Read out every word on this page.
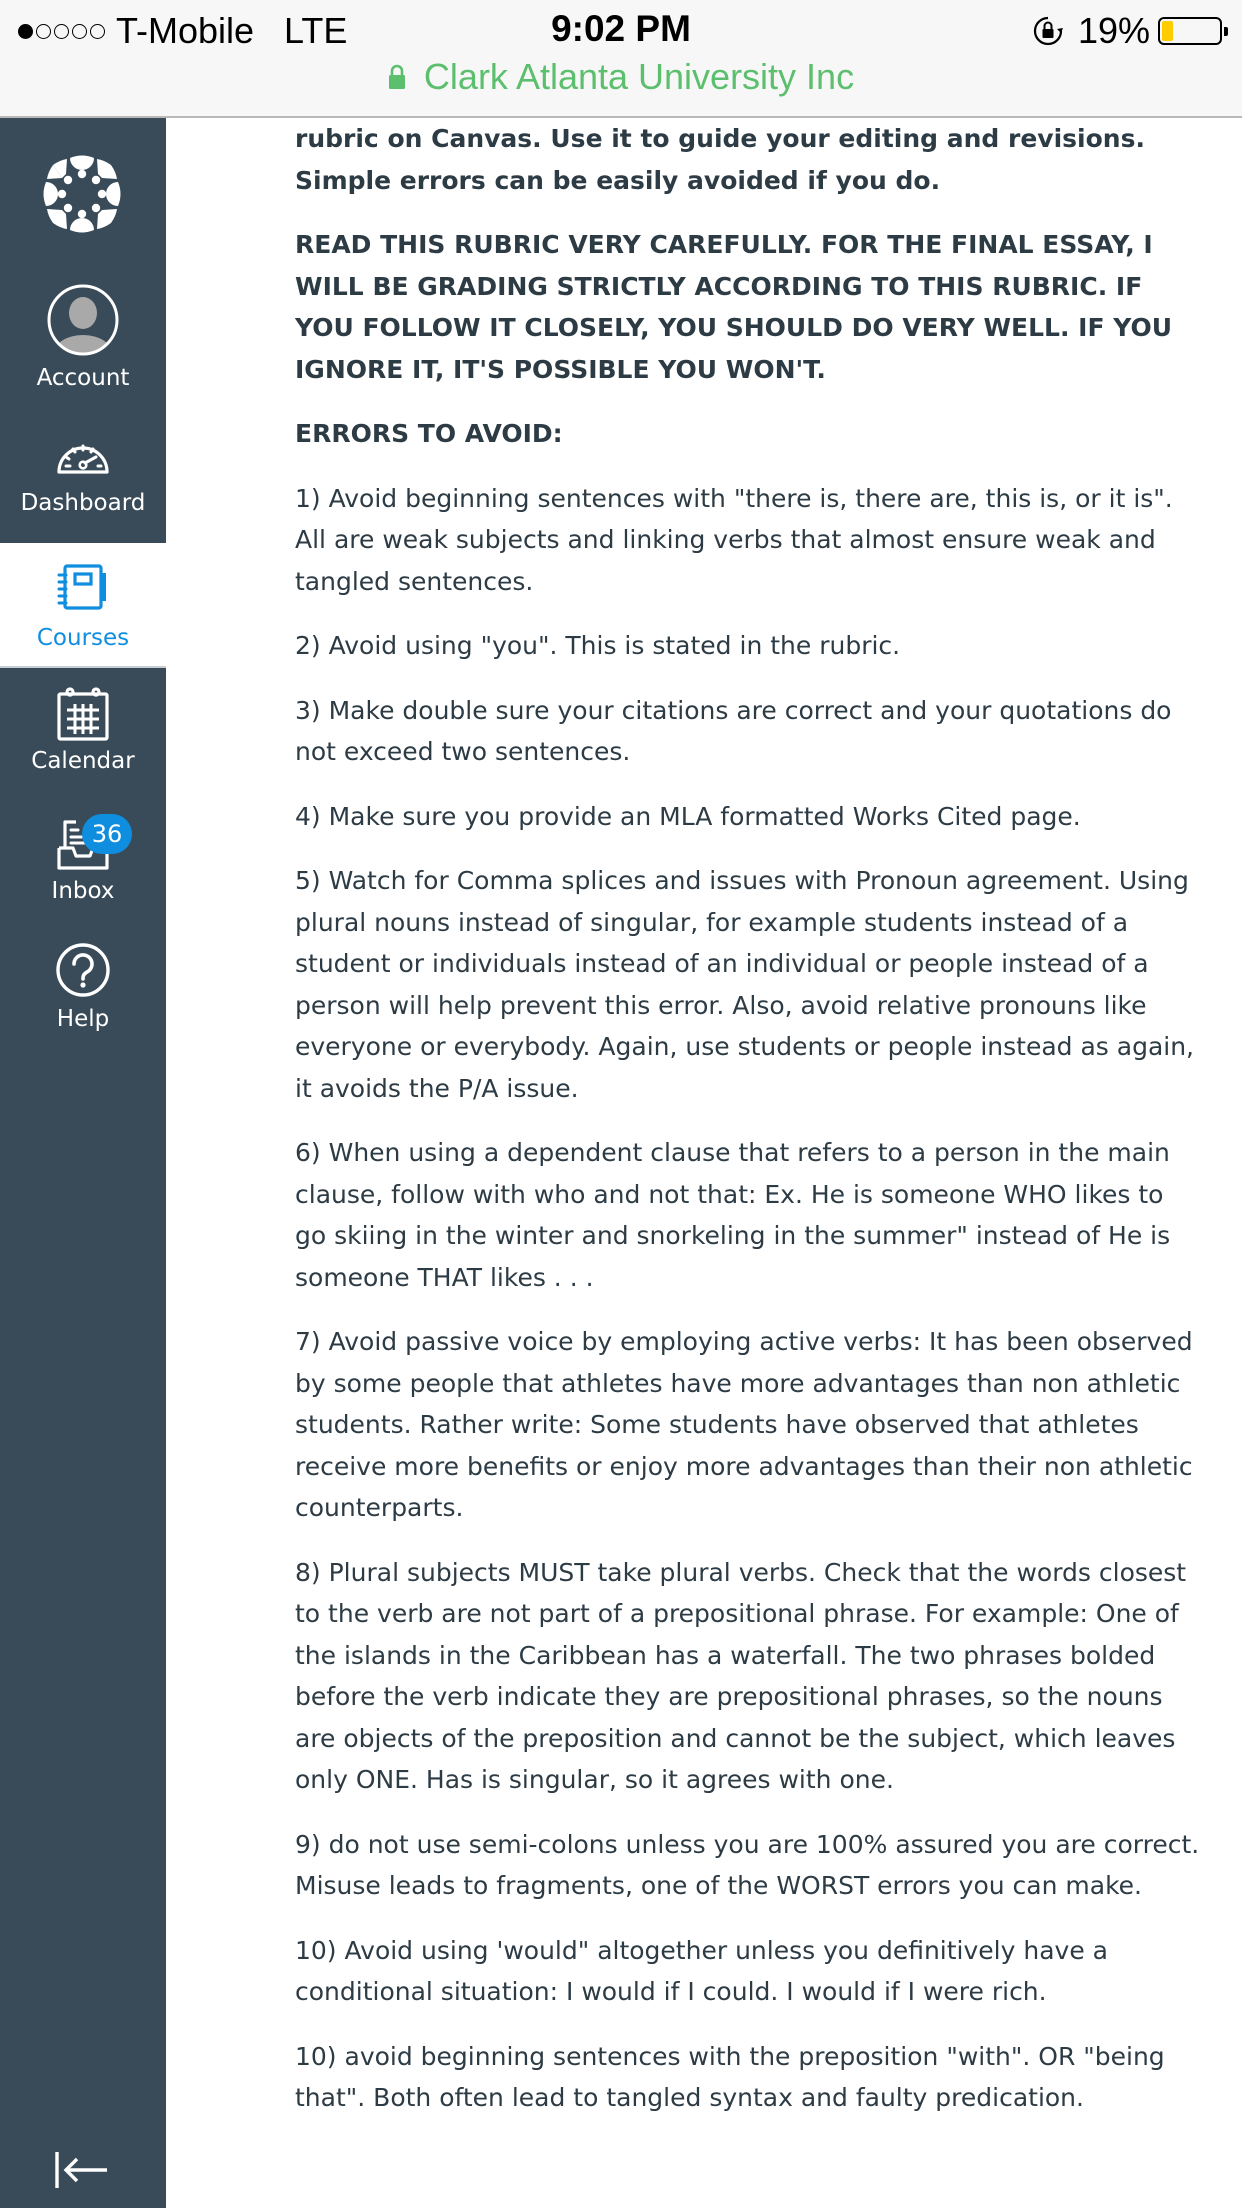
T-Mobile LTE	9:02 PM	19%
Clark Atlanta University Inc
Account
Dashboard
Courses
Calendar
36
Inbox
Help

rubric on Canvas. Use it to guide your editing and revisions. Simple errors can be easily avoided if you do.

READ THIS RUBRIC VERY CAREFULLY. FOR THE FINAL ESSAY, I WILL BE GRADING STRICTLY ACCORDING TO THIS RUBRIC. IF YOU FOLLOW IT CLOSELY, YOU SHOULD DO VERY WELL. IF YOU IGNORE IT, IT'S POSSIBLE YOU WON'T.

ERRORS TO AVOID:

1) Avoid beginning sentences with "there is, there are, this is, or it is". All are weak subjects and linking verbs that almost ensure weak and tangled sentences.

2) Avoid using "you". This is stated in the rubric.

3) Make double sure your citations are correct and your quotations do not exceed two sentences.

4) Make sure you provide an MLA formatted Works Cited page.

5) Watch for Comma splices and issues with Pronoun agreement. Using plural nouns instead of singular, for example students instead of a student or individuals instead of an individual or people instead of a person will help prevent this error. Also, avoid relative pronouns like everyone or everybody. Again, use students or people instead as again, it avoids the P/A issue.

6) When using a dependent clause that refers to a person in the main clause, follow with who and not that: Ex. He is someone WHO likes to go skiing in the winter and snorkeling in the summer" instead of He is someone THAT likes . . .

7) Avoid passive voice by employing active verbs: It has been observed by some people that athletes have more advantages than non athletic students. Rather write: Some students have observed that athletes receive more benefits or enjoy more advantages than their non athletic counterparts.

8) Plural subjects MUST take plural verbs. Check that the words closest to the verb are not part of a prepositional phrase. For example: One of the islands in the Caribbean has a waterfall. The two phrases bolded before the verb indicate they are prepositional phrases, so the nouns are objects of the preposition and cannot be the subject, which leaves only ONE. Has is singular, so it agrees with one.

9) do not use semi-colons unless you are 100% assured you are correct. Misuse leads to fragments, one of the WORST errors you can make.

10) Avoid using 'would" altogether unless you definitively have a conditional situation: I would if I could. I would if I were rich.

10) avoid beginning sentences with the preposition "with". OR "being that". Both often lead to tangled syntax and faulty predication.
